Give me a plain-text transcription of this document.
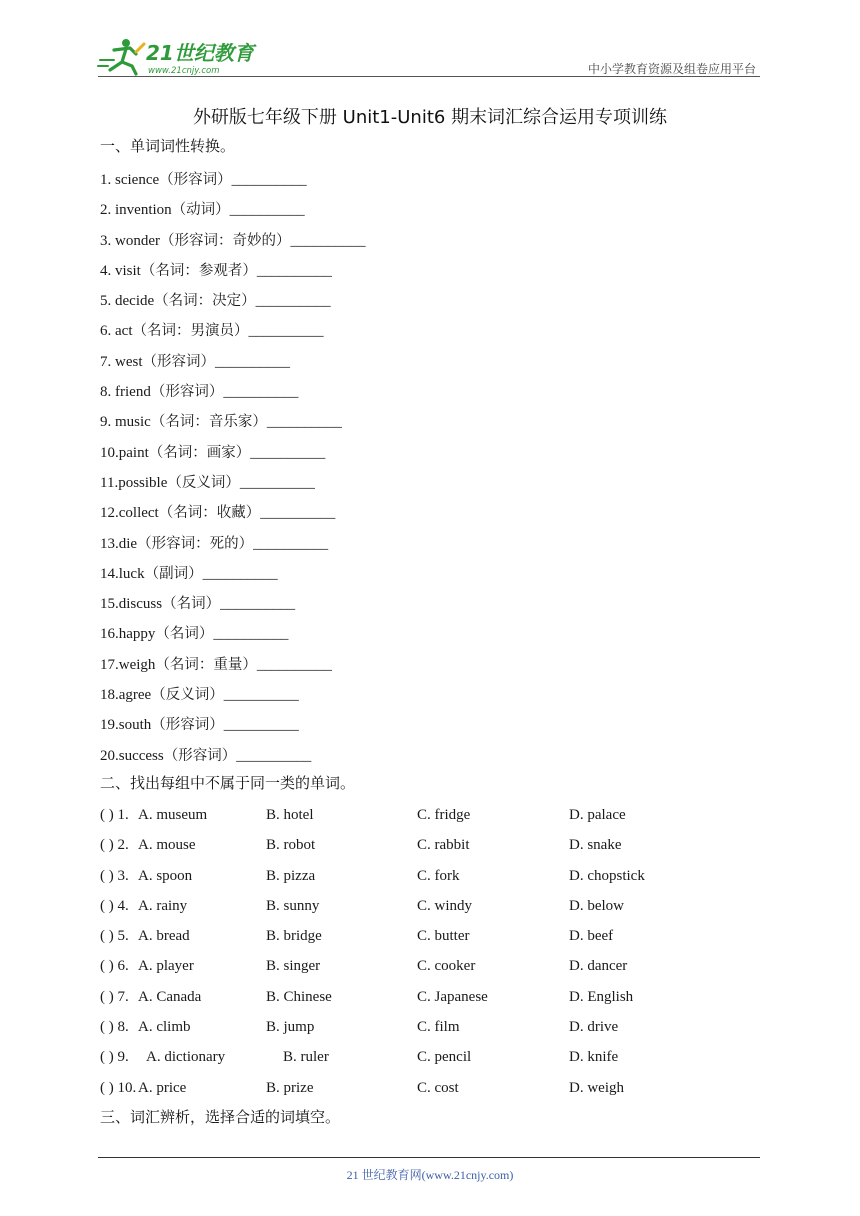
21世纪教育
www.21cnjy.com	中小学教育资源及组卷应用平台
外研版七年级下册 Unit1-Unit6 期末词汇综合运用专项训练
一、单词词性转换。
1. science（形容词）__________
2. invention（动词）__________
3. wonder（形容词：奇妙的）__________
4. visit（名词：参观者）__________
5. decide（名词：决定）__________
6. act（名词：男演员）__________
7. west（形容词）__________
8. friend（形容词）__________
9. music（名词：音乐家）__________
10.paint（名词：画家）__________
11.possible（反义词）__________
12.collect（名词：收藏）__________
13.die（形容词：死的）__________
14.luck（副词）__________
15.discuss（名词）__________
16.happy（名词）__________
17.weigh（名词：重量）__________
18.agree（反义词）__________
19.south（形容词）__________
20.success（形容词）__________
二、找出每组中不属于同一类的单词。
( ) 1. A. museum	B. hotel	C. fridge	D. palace
( ) 2. A. mouse	B. robot	C. rabbit	D. snake
( ) 3. A. spoon	B. pizza	C. fork	D. chopstick
( ) 4. A. rainy	B. sunny	C. windy	D. below
( ) 5. A. bread	B. bridge	C. butter	D. beef
( ) 6. A. player	B. singer	C. cooker	D. dancer
( ) 7. A. Canada	B. Chinese	C. Japanese	D. English
( ) 8. A. climb	B. jump	C. film	D. drive
( ) 9. A. dictionary	B. ruler	C. pencil	D. knife
( ) 10. A. price	B. prize	C. cost	D. weigh
三、词汇辨析，选择合适的词填空。
21 世纪教育网(www.21cnjy.com)
